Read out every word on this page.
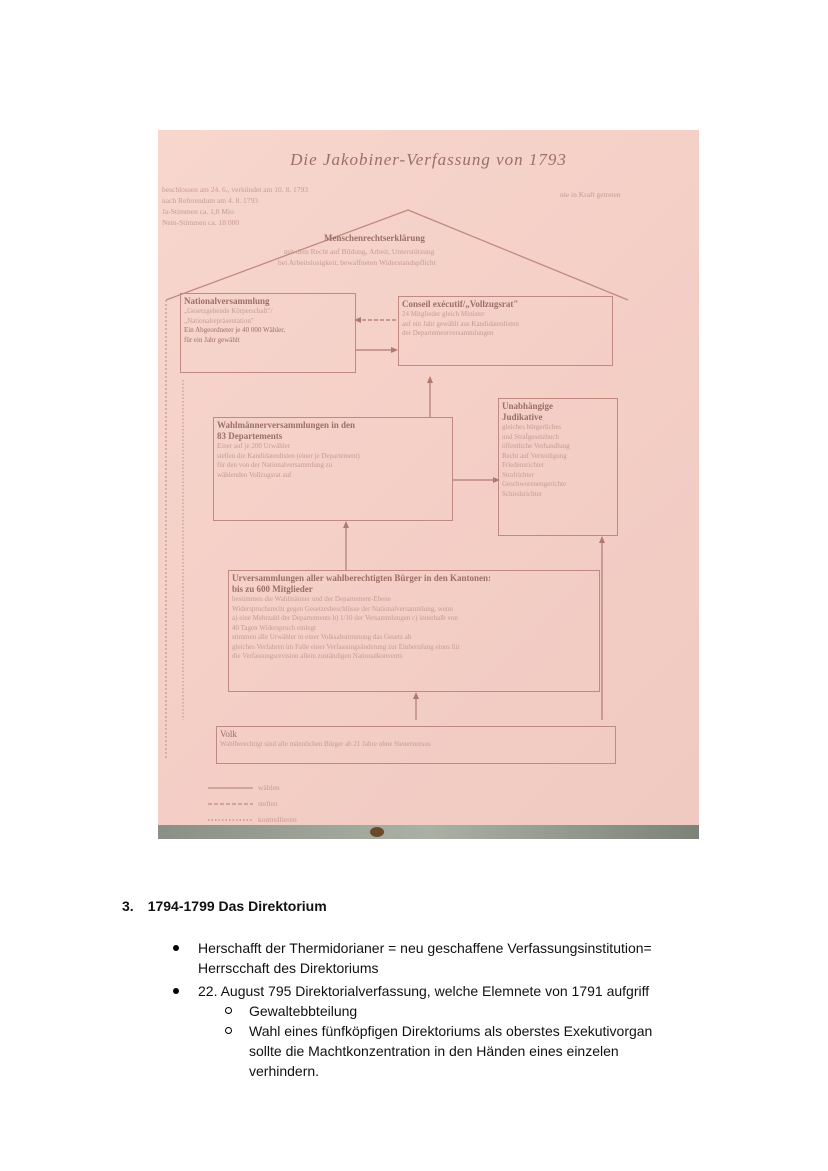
Die Jakobiner-Verfassung von 1793
beschlossen am 24. 6., verkündet am 10. 8. 1793
nach Referendum am 4. 8. 1793
Ja-Stimmen ca. 1,8 Mio
Nein-Stimmen ca. 18 000
nie in Kraft getreten
Menschenrechtserklärung
mit dem Recht auf Bildung, Arbeit, Unterstützung
bei Arbeitslosigkeit, bewaffneten Widerstandspflicht
Nationalversammlung
„Gesetzgebende Körperschaft"/
„Nationalrepräsentation"
Ein Abgeordneter je 40 000 Wähler,
für ein Jahr gewählt
Conseil exécutif/„Vollzugsrat"
24 Mitglieder gleich Minister
auf ein Jahr gewählt aus Kandidatenlisten
der Departementversammlungen
Wahlmännerversammlungen in den
83 Departements
Einer auf je 200 Urwähler
stellen die Kandidatenlisten (einer je Departement)
für den von der Nationalversammlung zu
wählenden Vollzugsrat auf
Unabhängige
Judikative
gleiches bürgerliches
und Strafgesetzbuch
öffentliche Verhandlung
Recht auf Verteidigung
Friedensrichter
Strafrichter
Geschworenengerichte
Schiedsrichter
Urversammlungen aller wahlberechtigten Bürger in den Kantonen:
bis zu 600 Mitglieder
bestimmen die Wahlmänner und der Departement-Ebene
Widerspruchsrecht gegen Gesetzesbeschlüsse der Nationalversammlung, wenn
a) eine Mehrzahl der Departements b) 1/10 der Versammlungen c) innerhalb von
40 Tagen Widerspruch einlegt
stimmen alle Urwähler in einer Volksabstimmung das Gesetz ab
gleiches Verfahren im Falle einer Verfassungsänderung zur Einberufung eines für
die Verfassungsrevision allein zuständigen Nationalkonvents
Volk
Wahlberechtigt sind alle männlichen Bürger ab 21 Jahre ohne Steuerzensus
wählen
stellen
kontrollieren
3. 1794-1799 Das Direktorium
Herschafft der Thermidorianer = neu geschaffene Verfassungsinstitution=
Herrscchaft des Direktoriums
22. August 795 Direktorialverfassung, welche Elemnete von 1791 aufgriff
Gewaltebbteilung
Wahl eines fünfköpfigen Direktoriums als oberstes Exekutivorgan
sollte die Machtkonzentration in den Händen eines einzelen
verhindern.
